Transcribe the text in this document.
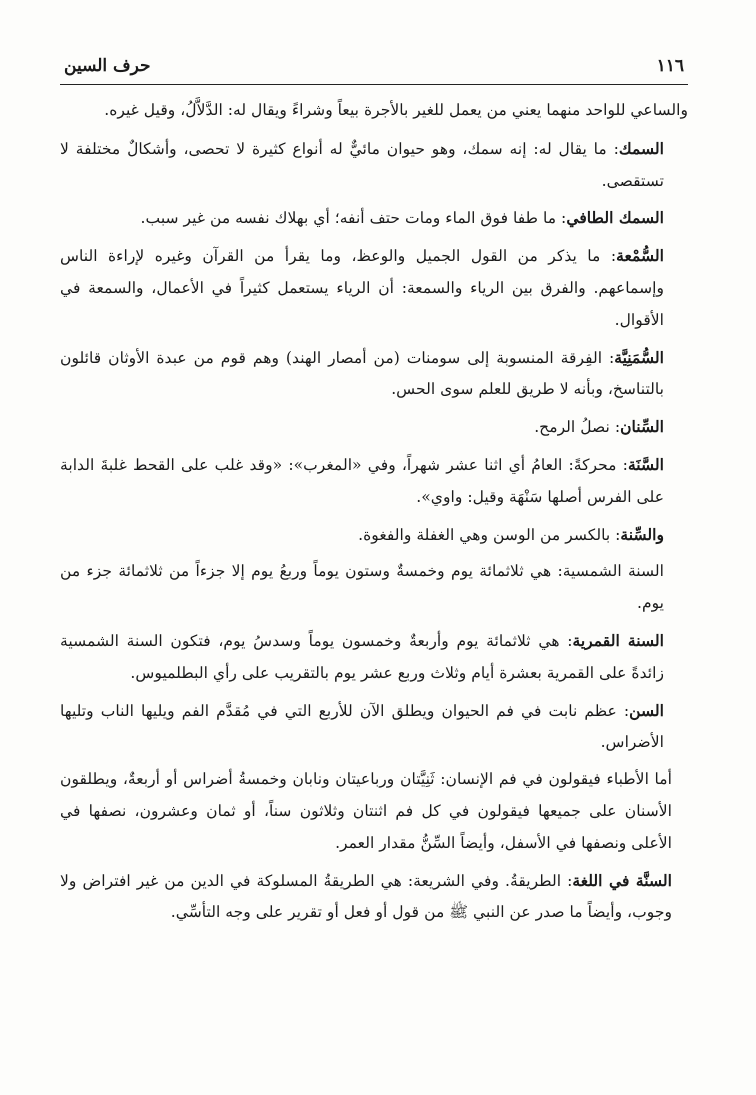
١١٦
حرف السين

والساعي للواحد منهما يعني من يعمل للغير بالأجرة بيعاً وشراءً ويقال له: الدَّلاَّلُ، وقيل غيره.

السمك: ما يقال له: إنه سمك، وهو حيوان مائيٌّ له أنواع كثيرة لا تحصى، وأشكالٌ مختلفة لا تستقصى.

السمك الطافي: ما طفا فوق الماء ومات حتف أنفه؛ أي بهلاك نفسه من غير سبب.

السُّمْعة: ما يذكر من القول الجميل والوعظ، وما يقرأ من القرآن وغيره لإراءة الناس وإسماعهم. والفرق بين الرياء والسمعة: أن الرياء يستعمل كثيراً في الأعمال، والسمعة في الأقوال.

السُّمَنِيَّة: الفِرقة المنسوبة إلى سومنات (من أمصار الهند) وهم قوم من عبدة الأوثان قائلون بالتناسخ، وبأنه لا طريق للعلم سوى الحس.

السِّنان: نصلُ الرمح.

السَّنَة: محركةً: العامُ أي اثنا عشر شهراً، وفي «المغرب»: «وقد غلب على القحط غلبةَ الدابة على الفرس أصلها سَنْهَة وقيل: واوي».

والسِّنة: بالكسر من الوسن وهي الغفلة والفغوة.

السنة الشمسية: هي ثلاثمائة يوم وخمسةٌ وستون يوماً وربعُ يوم إلا جزءاً من ثلاثمائة جزء من يوم.

السنة القمرية: هي ثلاثمائة يوم وأربعةٌ وخمسون يوماً وسدسُ يوم، فتكون السنة الشمسية زائدةً على القمرية بعشرة أيام وثلاث وربع عشر يوم بالتقريب على رأي البطلميوس.

السن: عظم نابت في فم الحيوان ويطلق الآن للأربع التي في مُقدَّم الفم ويليها الناب وتليها الأضراس.

أما الأطباء فيقولون في فم الإنسان: ثَنِيَّتان ورباعيتان ونابان وخمسةُ أضراس أو أربعةٌ، ويطلقون الأسنان على جميعها فيقولون في كل فم اثنتان وثلاثون سناً، أو ثمان وعشرون، نصفها في الأعلى ونصفها في الأسفل، وأيضاً السِّنُّ مقدار العمر.

السنَّة في اللغة: الطريقةُ. وفي الشريعة: هي الطريقةُ المسلوكة في الدين من غير افتراض ولا وجوب، وأيضاً ما صدر عن النبي ﷺ من قول أو فعل أو تقرير على وجه التأسِّي.
